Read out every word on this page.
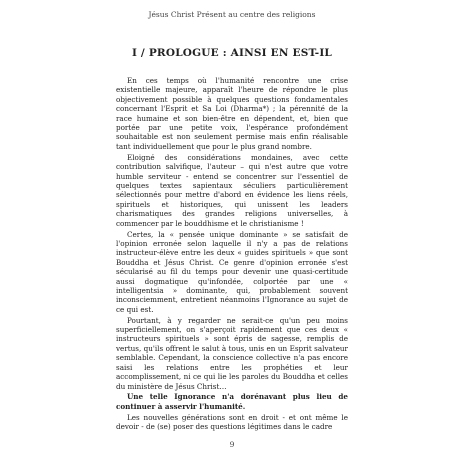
Jésus Christ Présent au centre des religions
I / PROLOGUE : AINSI EN EST-IL

En ces temps où l'humanité rencontre une crise existentielle majeure, apparaît l'heure de répondre le plus objectivement possible à quelques questions fondamentales concernant l'Esprit et Sa Loi (Dharma*) ; la pérennité de la race humaine et son bien-être en dépendent, et, bien que portée par une petite voix, l'espérance profondément souhaitable est non seulement permise mais enfin réalisable tant individuellement que pour le plus grand nombre.

Eloigné des considérations mondaines, avec cette contribution salvifique, l'auteur – qui n'est autre que votre humble serviteur - entend se concentrer sur l'essentiel de quelques textes sapientaux séculiers particulièrement sélectionnés pour mettre d'abord en évidence les liens réels, spirituels et historiques, qui unissent les leaders charismatiques des grandes religions universelles, à commencer par le bouddhisme et le christianisme !

Certes, la « pensée unique dominante » se satisfait de l'opinion erronée selon laquelle il n'y a pas de relations instructeur-élève entre les deux « guides spirituels » que sont Bouddha et Jésus Christ. Ce genre d'opinion erronée s'est sécularisé au fil du temps pour devenir une quasi-certitude aussi dogmatique qu'infondée, colportée par une « intelligentsia » dominante, qui, probablement souvent inconsciemment, entretient néanmoins l'Ignorance au sujet de ce qui est.

Pourtant, à y regarder ne serait-ce qu'un peu moins superficiellement, on s'aperçoit rapidement que ces deux « instructeurs spirituels » sont épris de sagesse, remplis de vertus, qu'ils offrent le salut à tous, unis en un Esprit salvateur semblable. Cependant, la conscience collective n'a pas encore saisi les relations entre les prophéties et leur accomplissement, ni ce qui lie les paroles du Bouddha et celles du ministère de Jésus Christ…

Une telle Ignorance n'a dorénavant plus lieu de continuer à asservir l'humanité.

Les nouvelles générations sont en droit - et ont même le devoir - de (se) poser des questions légitimes dans le cadre

9
